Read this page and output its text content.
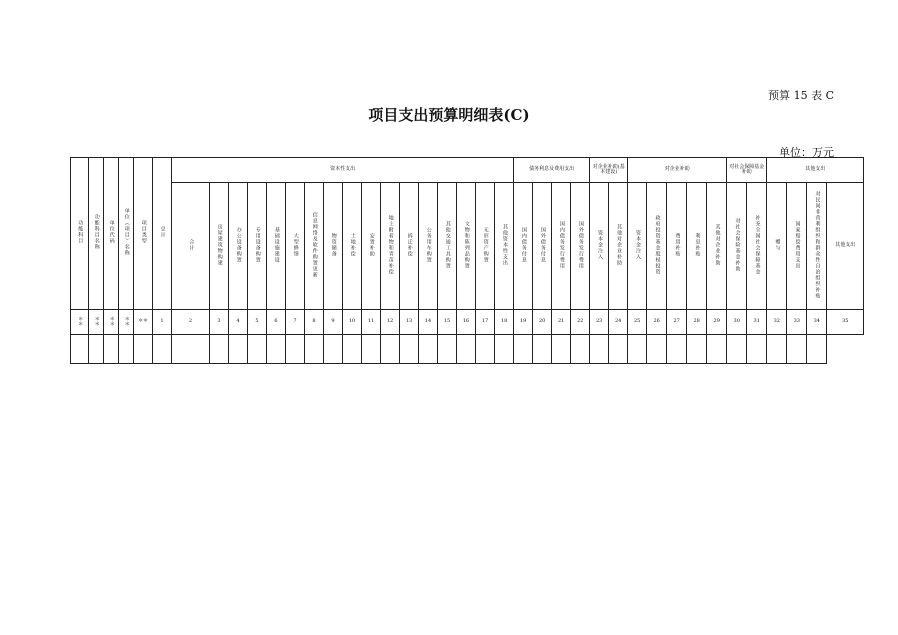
预算 15 表 C
项目支出预算明细表(C)
单位：万元
功能科目	功能科目名称	单位代码	单位（项目）名称	项目类型	总计	资本性支出																	债务利息及费用支出				对企业补助(基本建设)		对企业补助					对社会保障基金补助		其他支出			
						合计	房屋建筑物购建	办公设备购置	专用设备购置	基础设施建设	大型修缮	信息网络及软件购置更新	物资储备	土地补偿	安置补助	地上附着物和青苗补偿	拆迁补偿	公务用车购置	其他交通工具购置	文物和陈列品购置	无形资产购置	其他资本性支出	国内债务付息	国外债务付息	国内债务发行费用	国外债务发行费用	资本金注入	其他对企业补助	资本金注入	政府投资基金股权投资	费用补贴	利息补贴	其他对企业补助	对社会保险基金补助	补充全国社会保障基金	赠与	国家赔偿费用支出	对民间非营利组织和群众性自治组织补贴	其他支出
＊＊	＊＊	＊＊	＊＊	＊＊	1	2	3	4	5	6	7	8	9	10	11	12	13	14	15	16	17	18	19	20	21	22	23	24	25	26	27	28	29	30	31	32	33	34	35
